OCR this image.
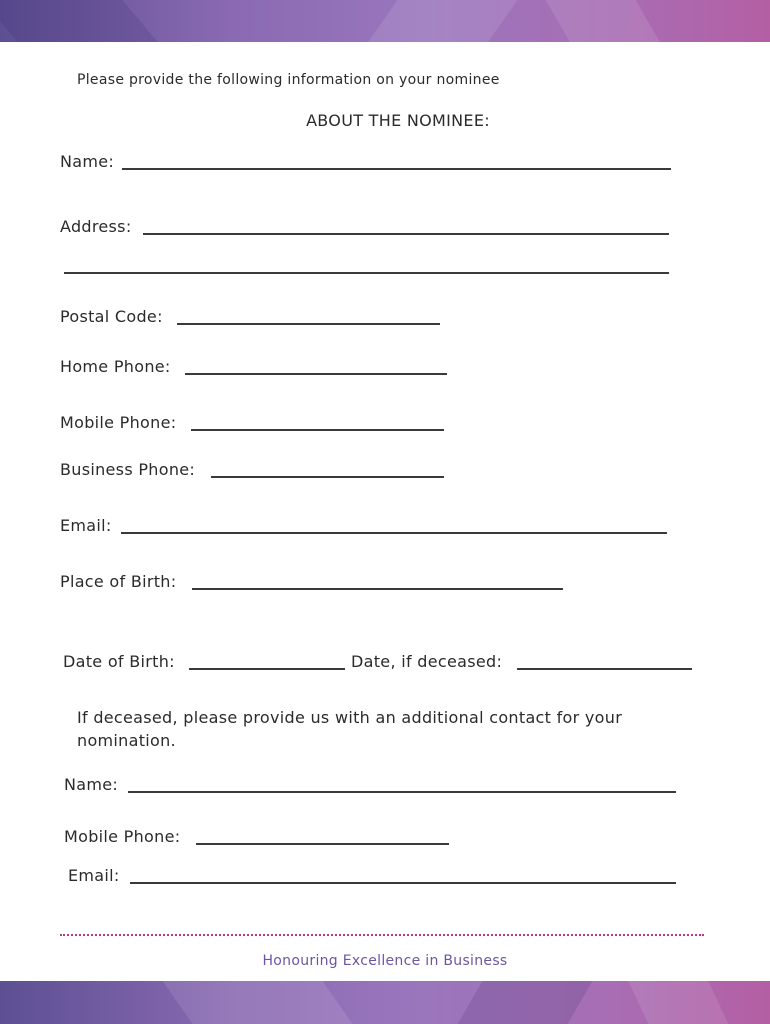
Please provide the following information on your nominee
ABOUT THE NOMINEE:
Name:
Address:
Postal Code:
Home Phone:
Mobile Phone:
Business Phone:
Email:
Place of Birth:
Date of Birth:	Date, if deceased:
If deceased, please provide us with an additional contact for your
nomination.
Name:
Mobile Phone:
Email:
Honouring Excellence in Business
